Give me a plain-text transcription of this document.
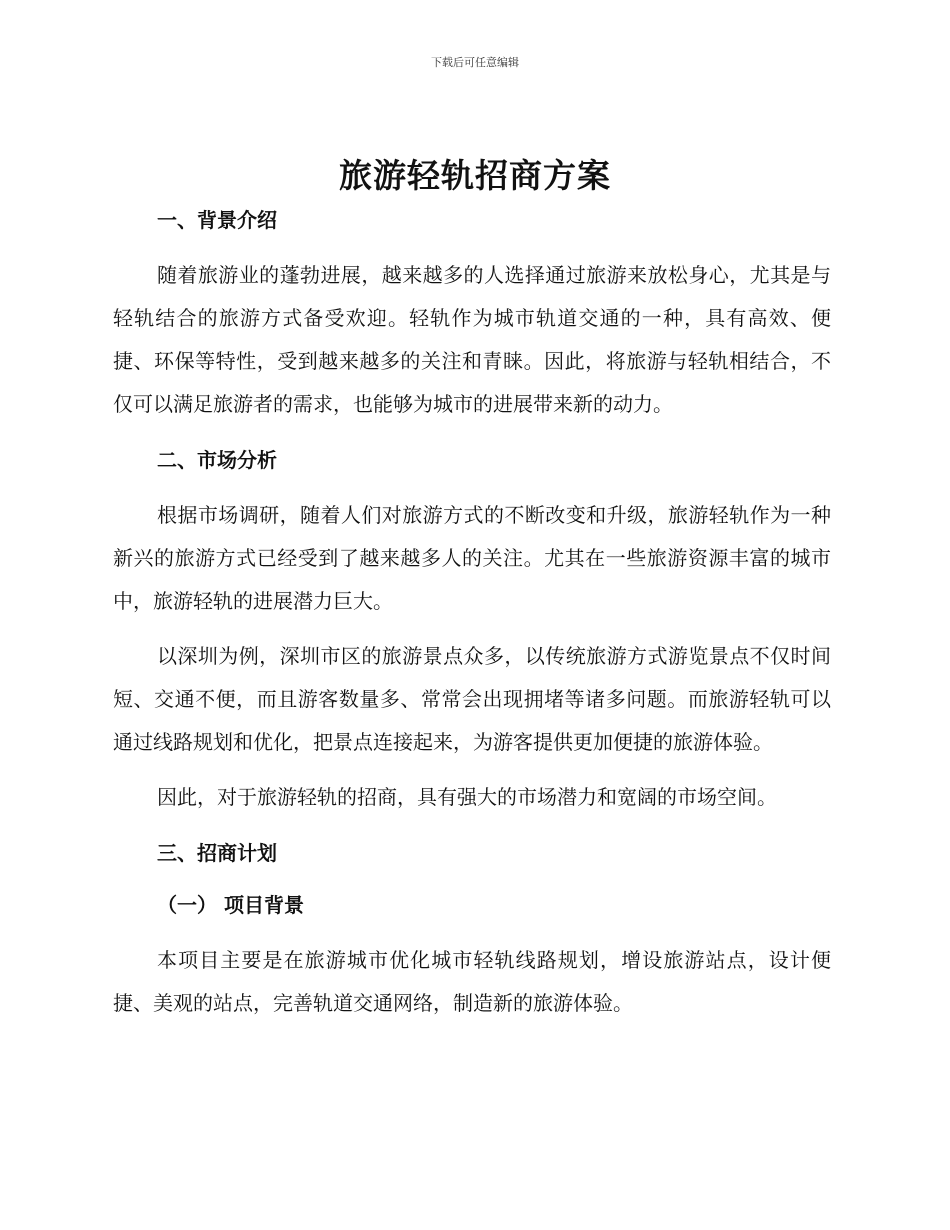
下载后可任意编辑
旅游轻轨招商方案
一、背景介绍

随着旅游业的蓬勃进展，越来越多的人选择通过旅游来放松身心，尤其是与轻轨结合的旅游方式备受欢迎。轻轨作为城市轨道交通的一种，具有高效、便捷、环保等特性，受到越来越多的关注和青睐。因此，将旅游与轻轨相结合，不仅可以满足旅游者的需求，也能够为城市的进展带来新的动力。

二、市场分析

根据市场调研，随着人们对旅游方式的不断改变和升级，旅游轻轨作为一种新兴的旅游方式已经受到了越来越多人的关注。尤其在一些旅游资源丰富的城市中，旅游轻轨的进展潜力巨大。

以深圳为例，深圳市区的旅游景点众多，以传统旅游方式游览景点不仅时间短、交通不便，而且游客数量多、常常会出现拥堵等诸多问题。而旅游轻轨可以通过线路规划和优化，把景点连接起来，为游客提供更加便捷的旅游体验。

因此，对于旅游轻轨的招商，具有强大的市场潜力和宽阔的市场空间。

三、招商计划
（一） 项目背景

本项目主要是在旅游城市优化城市轻轨线路规划，增设旅游站点，设计便捷、美观的站点，完善轨道交通网络，制造新的旅游体验。
